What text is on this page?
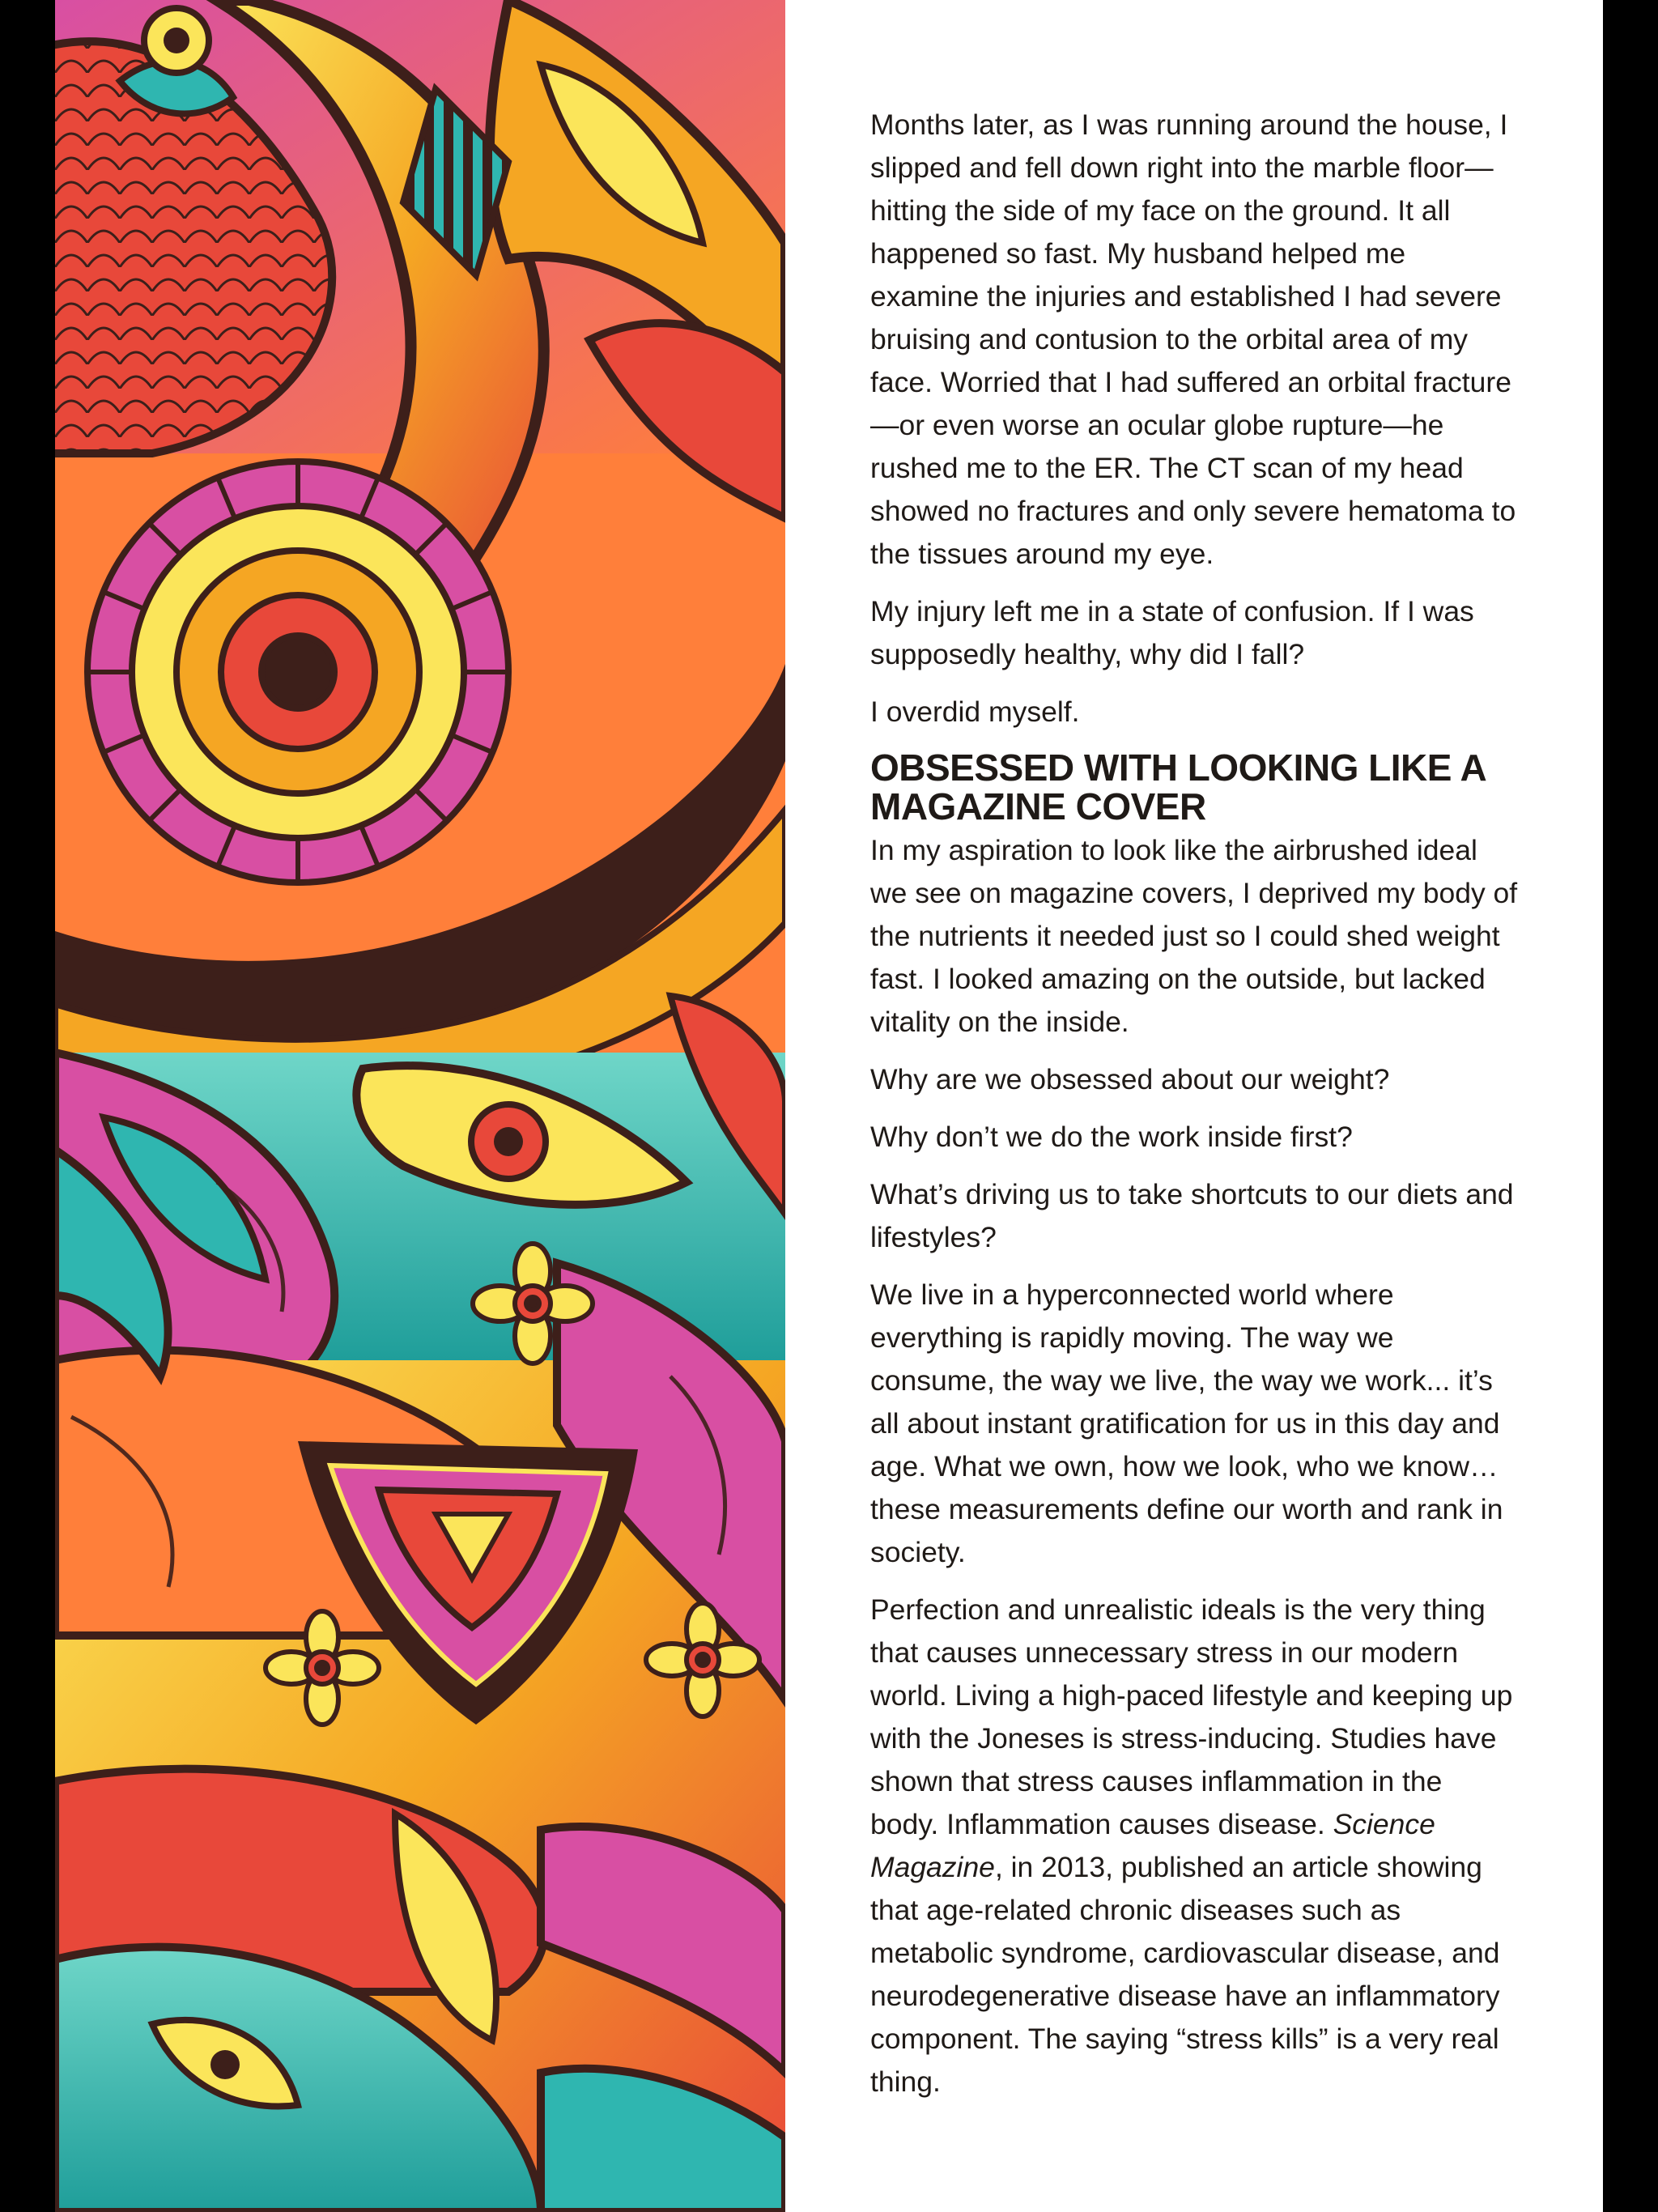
Months later, as I was running around the house, I slipped and fell down right into the marble floor—hitting the side of my face on the ground. It all happened so fast. My husband helped me examine the injuries and established I had severe bruising and contusion to the orbital area of my face. Worried that I had suffered an orbital fracture—or even worse an ocular globe rupture—he rushed me to the ER. The CT scan of my head showed no fractures and only severe hematoma to the tissues around my eye.

My injury left me in a state of confusion. If I was supposedly healthy, why did I fall?

I overdid myself.

OBSESSED WITH LOOKING LIKE A MAGAZINE COVER

In my aspiration to look like the airbrushed ideal we see on magazine covers, I deprived my body of the nutrients it needed just so I could shed weight fast. I looked amazing on the outside, but lacked vitality on the inside.

Why are we obsessed about our weight?

Why don’t we do the work inside first?

What’s driving us to take shortcuts to our diets and lifestyles?

We live in a hyperconnected world where everything is rapidly moving. The way we consume, the way we live, the way we work... it’s all about instant gratification for us in this day and age. What we own, how we look, who we know…these measurements define our worth and rank in society.

Perfection and unrealistic ideals is the very thing that causes unnecessary stress in our modern world. Living a high-paced lifestyle and keeping up with the Joneses is stress-inducing. Studies have shown that stress causes inflammation in the body. Inflammation causes disease. Science Magazine, in 2013, published an article showing that age-related chronic diseases such as metabolic syndrome, cardiovascular disease, and neurodegenerative disease have an inflammatory component. The saying “stress kills” is a very real thing.
